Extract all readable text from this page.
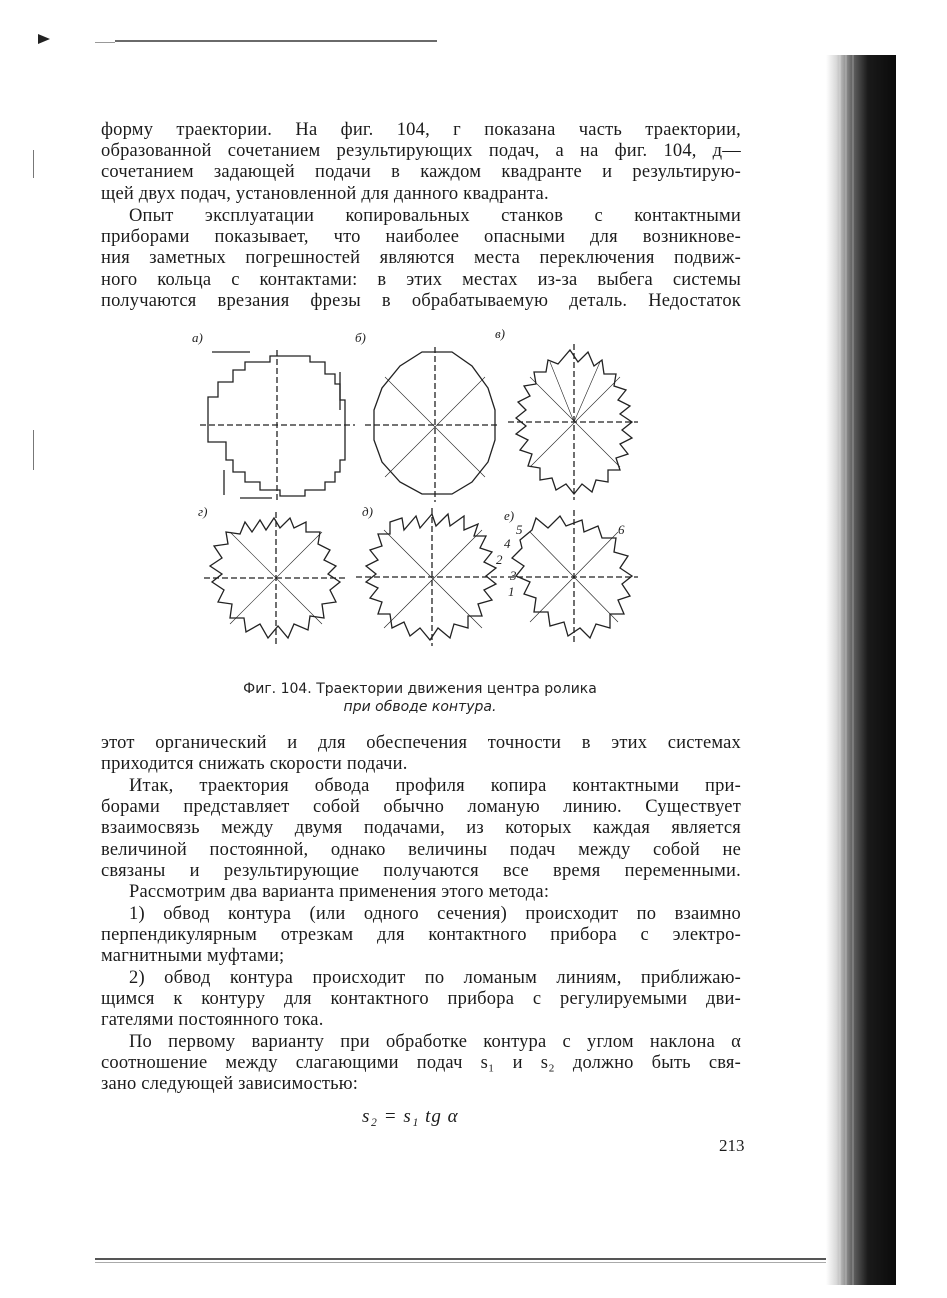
форму траектории. На фиг. 104, г показана часть траектории,
образованной сочетанием результирующих подач, а на фиг. 104, д—
сочетанием задающей подачи в каждом квадранте и результирую-
щей двух подач, установленной для данного квадранта.

Опыт эксплуатации копировальных станков с контактными
приборами показывает, что наиболее опасными для возникнове-
ния заметных погрешностей являются места переключения подвиж-
ного кольца с контактами: в этих местах из-за выбега системы
получаются врезания фрезы в обрабатываемую деталь. Недостаток

а)	б)	в)
г)	д)	е)
1
2
3
4
5	6
Фиг. 104. Траектории движения центра ролика
при обводе контура.

этот органический и для обеспечения точности в этих системах
приходится снижать скорости подачи.

Итак, траектория обвода профиля копира контактными при-
борами представляет собой обычно ломаную линию. Существует
взаимосвязь между двумя подачами, из которых каждая является
величиной постоянной, однако величины подач между собой не
связаны и результирующие получаются все время переменными.

Рассмотрим два варианта применения этого метода:

1) обвод контура (или одного сечения) происходит по взаимно
перпендикулярным отрезкам для контактного прибора с электро-
магнитными муфтами;

2) обвод контура происходит по ломаным линиям, приближаю-
щимся к контуру для контактного прибора с регулируемыми дви-
гателями постоянного тока.

По первому варианту при обработке контура с углом наклона α
соотношение между слагающими подач s₁ и s₂ должно быть свя-
зано следующей зависимостью:

s₂ = s₁ tg α
213
